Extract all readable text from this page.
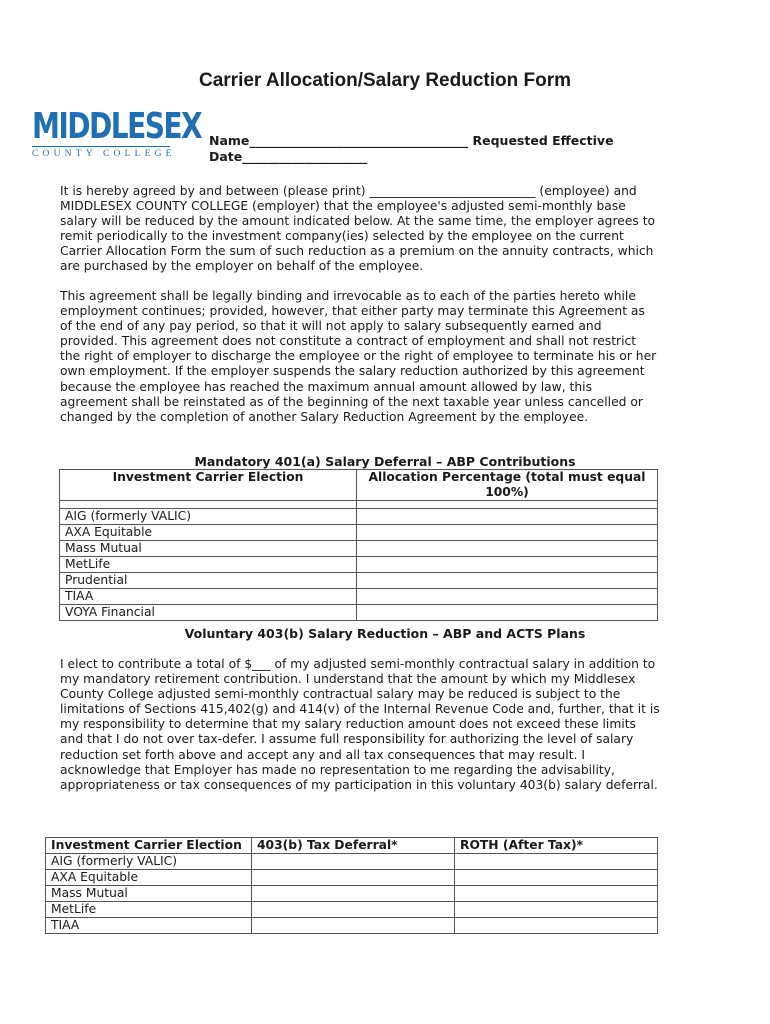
Carrier Allocation/Salary Reduction Form
MIDDLESEX
COUNTY COLLEGE
Name___________________________________ Requested Effective
Date____________________
It is hereby agreed by and between (please print) ___________________________ (employee) and MIDDLESEX COUNTY COLLEGE (employer) that the employee's adjusted semi-monthly base salary will be reduced by the amount indicated below. At the same time, the employer agrees to remit periodically to the investment company(ies) selected by the employee on the current Carrier Allocation Form the sum of such reduction as a premium on the annuity contracts, which are purchased by the employer on behalf of the employee.
This agreement shall be legally binding and irrevocable as to each of the parties hereto while employment continues; provided, however, that either party may terminate this Agreement as of the end of any pay period, so that it will not apply to salary subsequently earned and provided. This agreement does not constitute a contract of employment and shall not restrict the right of employer to discharge the employee or the right of employee to terminate his or her own employment. If the employer suspends the salary reduction authorized by this agreement because the employee has reached the maximum annual amount allowed by law, this agreement shall be reinstated as of the beginning of the next taxable year unless cancelled or changed by the completion of another Salary Reduction Agreement by the employee.
Mandatory 401(a) Salary Deferral – ABP Contributions
Investment Carrier Election	Allocation Percentage (total must equal 100%)

AIG (formerly VALIC)	
AXA Equitable	
Mass Mutual	
MetLife	
Prudential	
TIAA	
VOYA Financial	
Voluntary 403(b) Salary Reduction – ABP and ACTS Plans
I elect to contribute a total of $___ of my adjusted semi-monthly contractual salary in addition to my mandatory retirement contribution. I understand that the amount by which my Middlesex County College adjusted semi-monthly contractual salary may be reduced is subject to the limitations of Sections 415,402(g) and 414(v) of the Internal Revenue Code and, further, that it is my responsibility to determine that my salary reduction amount does not exceed these limits and that I do not over tax-defer. I assume full responsibility for authorizing the level of salary reduction set forth above and accept any and all tax consequences that may result. I acknowledge that Employer has made no representation to me regarding the advisability, appropriateness or tax consequences of my participation in this voluntary 403(b) salary deferral.
Investment Carrier Election	403(b) Tax Deferral*	ROTH (After Tax)*
AIG (formerly VALIC)		
AXA Equitable		
Mass Mutual		
MetLife		
TIAA		
